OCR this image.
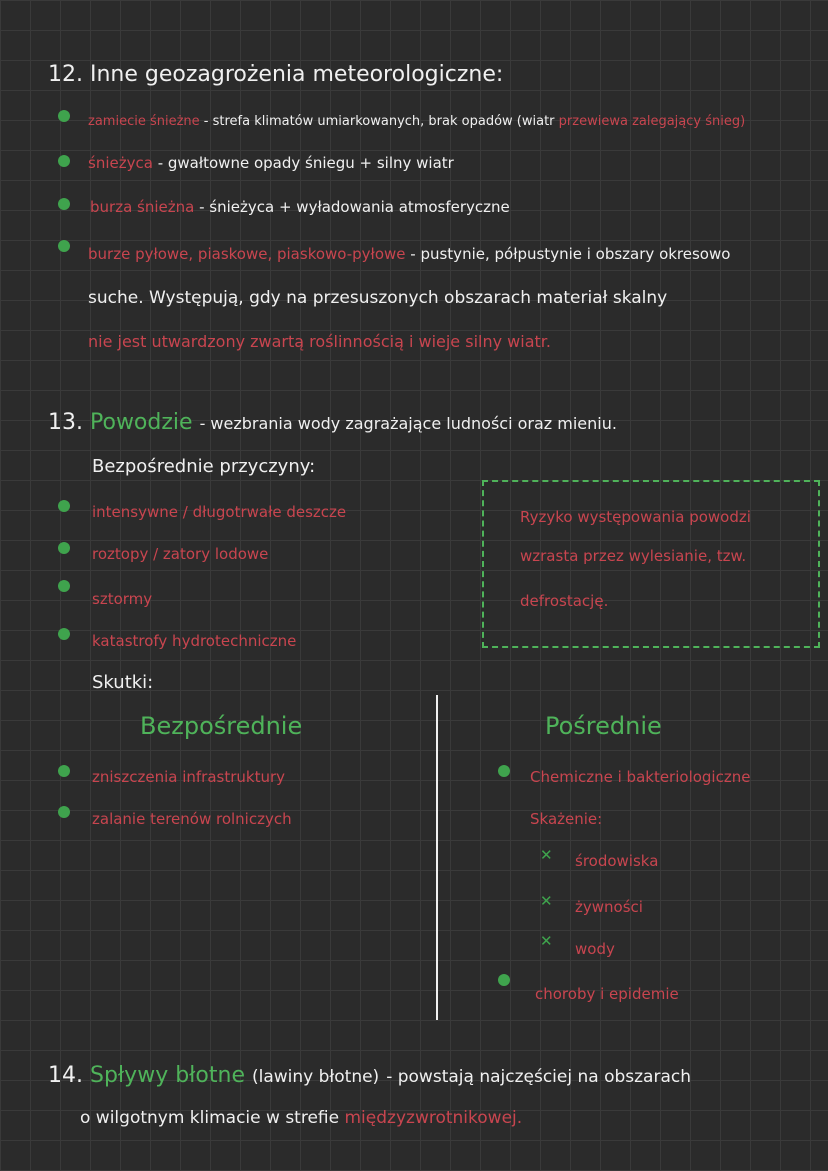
12. Inne geozagrożenia meteorologiczne:
zamiecie śnieżne - strefa klimatów umiarkowanych, brak opadów (wiatr przewiewa zalegający śnieg)
śnieżyca - gwałtowne opady śniegu + silny wiatr
burza śnieżna - śnieżyca + wyładowania atmosferyczne
burze pyłowe, piaskowe, piaskowo-pyłowe - pustynie, półpustynie i obszary okresowo
suche. Występują, gdy na przesuszonych obszarach materiał skalny
nie jest utwardzony zwartą roślinnością i wieje silny wiatr.
13. Powodzie - wezbrania wody zagrażające ludności oraz mieniu.
Bezpośrednie przyczyny:
intensywne / długotrwałe deszcze
roztopy / zatory lodowe
sztormy
katastrofy hydrotechniczne
Ryzyko występowania powodzi
wzrasta przez wylesianie, tzw.
defrostację.
Skutki:
Bezpośrednie
zniszczenia infrastruktury
zalanie terenów rolniczych
Pośrednie
Chemiczne i bakteriologiczne
Skażenie:
✕ środowiska
✕ żywności
✕ wody
choroby i epidemie
14. Spływy błotne (lawiny błotne) - powstają najczęściej na obszarach
o wilgotnym klimacie w strefie międzyzwrotnikowej.
